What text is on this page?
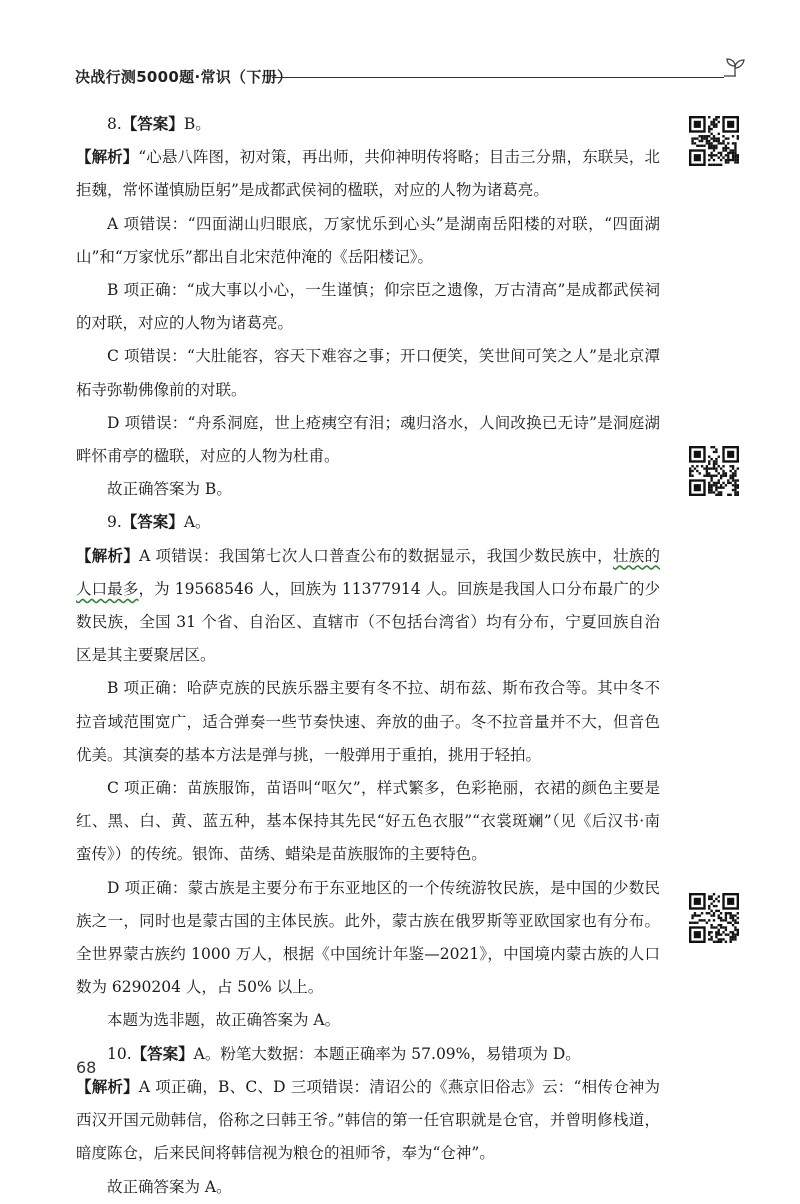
决战行测5000题·常识（下册）

8.【答案】B。

【解析】“心悬八阵图，初对策，再出师，共仰神明传将略；目击三分鼎，东联吴，北拒魏，常怀谨慎励臣躬”是成都武侯祠的楹联，对应的人物为诸葛亮。

A 项错误：“四面湖山归眼底，万家忧乐到心头”是湖南岳阳楼的对联，“四面湖山”和“万家忧乐”都出自北宋范仲淹的《岳阳楼记》。

B 项正确：“成大事以小心，一生谨慎；仰宗臣之遗像，万古清高”是成都武侯祠的对联，对应的人物为诸葛亮。

C 项错误：“大肚能容，容天下难容之事；开口便笑，笑世间可笑之人”是北京潭柘寺弥勒佛像前的对联。

D 项错误：“舟系洞庭，世上疮痍空有泪；魂归洛水，人间改换已无诗”是洞庭湖畔怀甫亭的楹联，对应的人物为杜甫。

故正确答案为 B。

9.【答案】A。

【解析】A 项错误：我国第七次人口普查公布的数据显示，我国少数民族中，壮族的人口最多，为 19568546 人，回族为 11377914 人。回族是我国人口分布最广的少数民族，全国 31 个省、自治区、直辖市（不包括台湾省）均有分布，宁夏回族自治区是其主要聚居区。

B 项正确：哈萨克族的民族乐器主要有冬不拉、胡布兹、斯布孜合等。其中冬不拉音域范围宽广，适合弹奏一些节奏快速、奔放的曲子。冬不拉音量并不大，但音色优美。其演奏的基本方法是弹与挑，一般弹用于重拍，挑用于轻拍。

C 项正确：苗族服饰，苗语叫“呕欠”，样式繁多，色彩艳丽，衣裙的颜色主要是红、黑、白、黄、蓝五种，基本保持其先民“好五色衣服”“衣裳斑斓”（见《后汉书·南蛮传》）的传统。银饰、苗绣、蜡染是苗族服饰的主要特色。

D 项正确：蒙古族是主要分布于东亚地区的一个传统游牧民族，是中国的少数民族之一，同时也是蒙古国的主体民族。此外，蒙古族在俄罗斯等亚欧国家也有分布。全世界蒙古族约 1000 万人，根据《中国统计年鉴—2021》，中国境内蒙古族的人口数为 6290204 人，占 50% 以上。

本题为选非题，故正确答案为 A。

10.【答案】A。粉笔大数据：本题正确率为 57.09%，易错项为 D。

【解析】A 项正确，B、C、D 三项错误：清诏公的《燕京旧俗志》云：“相传仓神为西汉开国元勋韩信，俗称之曰韩王爷。”韩信的第一任官职就是仓官，并曾明修栈道，暗度陈仓，后来民间将韩信视为粮仓的祖师爷，奉为“仓神”。

故正确答案为 A。

68
